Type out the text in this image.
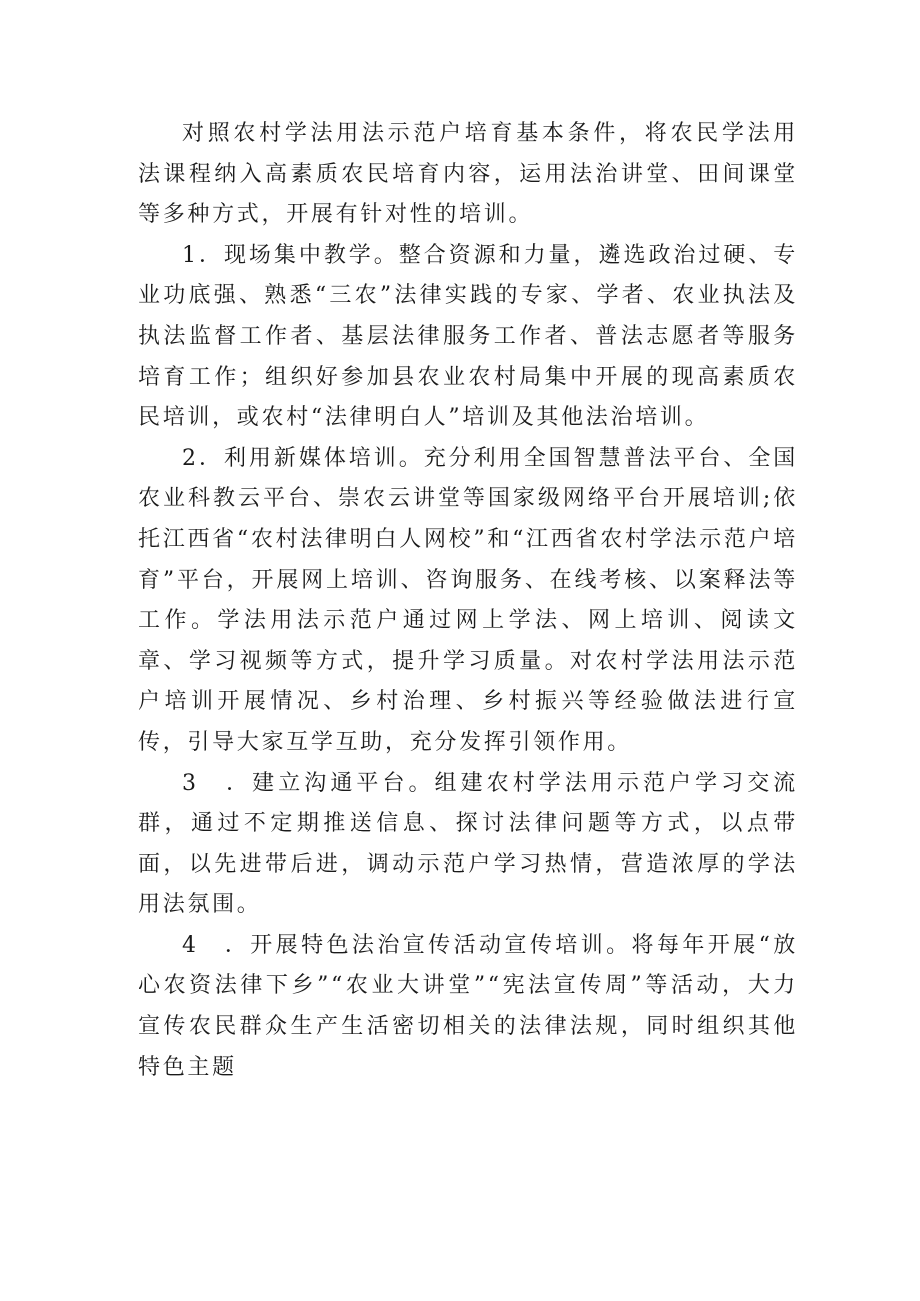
对照农村学法用法示范户培育基本条件，将农民学法用法课程纳入高素质农民培育内容，运用法治讲堂、田间课堂等多种方式，开展有针对性的培训。

1．现场集中教学。整合资源和力量，遴选政治过硬、专业功底强、熟悉“三农”法律实践的专家、学者、农业执法及执法监督工作者、基层法律服务工作者、普法志愿者等服务培育工作；组织好参加县农业农村局集中开展的现高素质农民培训，或农村“法律明白人”培训及其他法治培训。

2．利用新媒体培训。充分利用全国智慧普法平台、全国农业科教云平台、崇农云讲堂等国家级网络平台开展培训;依托江西省“农村法律明白人网校”和“江西省农村学法示范户培育”平台，开展网上培训、咨询服务、在线考核、以案释法等工作。学法用法示范户通过网上学法、网上培训、阅读文章、学习视频等方式，提升学习质量。对农村学法用法示范户培训开展情况、乡村治理、乡村振兴等经验做法进行宣传，引导大家互学互助，充分发挥引领作用。

3　．建立沟通平台。组建农村学法用示范户学习交流群，通过不定期推送信息、探讨法律问题等方式，以点带面，以先进带后进，调动示范户学习热情，营造浓厚的学法用法氛围。

4　．开展特色法治宣传活动宣传培训。将每年开展“放心农资法律下乡”“农业大讲堂”“宪法宣传周”等活动，大力宣传农民群众生产生活密切相关的法律法规，同时组织其他特色主题
